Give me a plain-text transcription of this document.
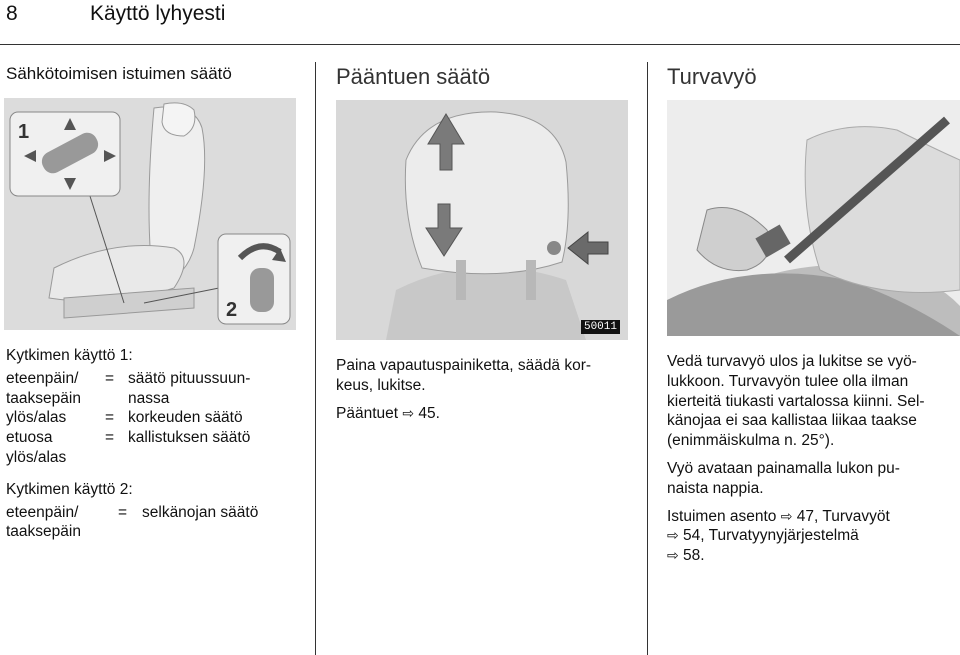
8	Käyttö lyhyesti
Sähkötoimisen istuimen säätö
1
2

Kytkimen käyttö 1:

eteenpäin/ = säätö pituussuun-
taaksepäin	nassa
ylös/alas = korkeuden säätö
etuosa	= kallistuksen säätö
ylös/alas

Kytkimen käyttö 2:

eteenpäin/	= selkänojan säätö
taaksepäin
Pääntuen säätö
50011

Paina vapautuspainiketta, säädä kor-
keus, lukitse.

Pääntuet ⇨ 45.

Turvavyö

Vedä turvavyö ulos ja lukitse se vyö-
lukkoon. Turvavyön tulee olla ilman
kierteitä tiukasti vartalossa kiinni. Sel-
känojaa ei saa kallistaa liikaa taakse
(enimmäiskulma n. 25°).

Vyö avataan painamalla lukon pu-
naista nappia.

Istuimen asento ⇨ 47, Turvavyöt
⇨ 54, Turvatyynyjärjestelmä
⇨ 58.
